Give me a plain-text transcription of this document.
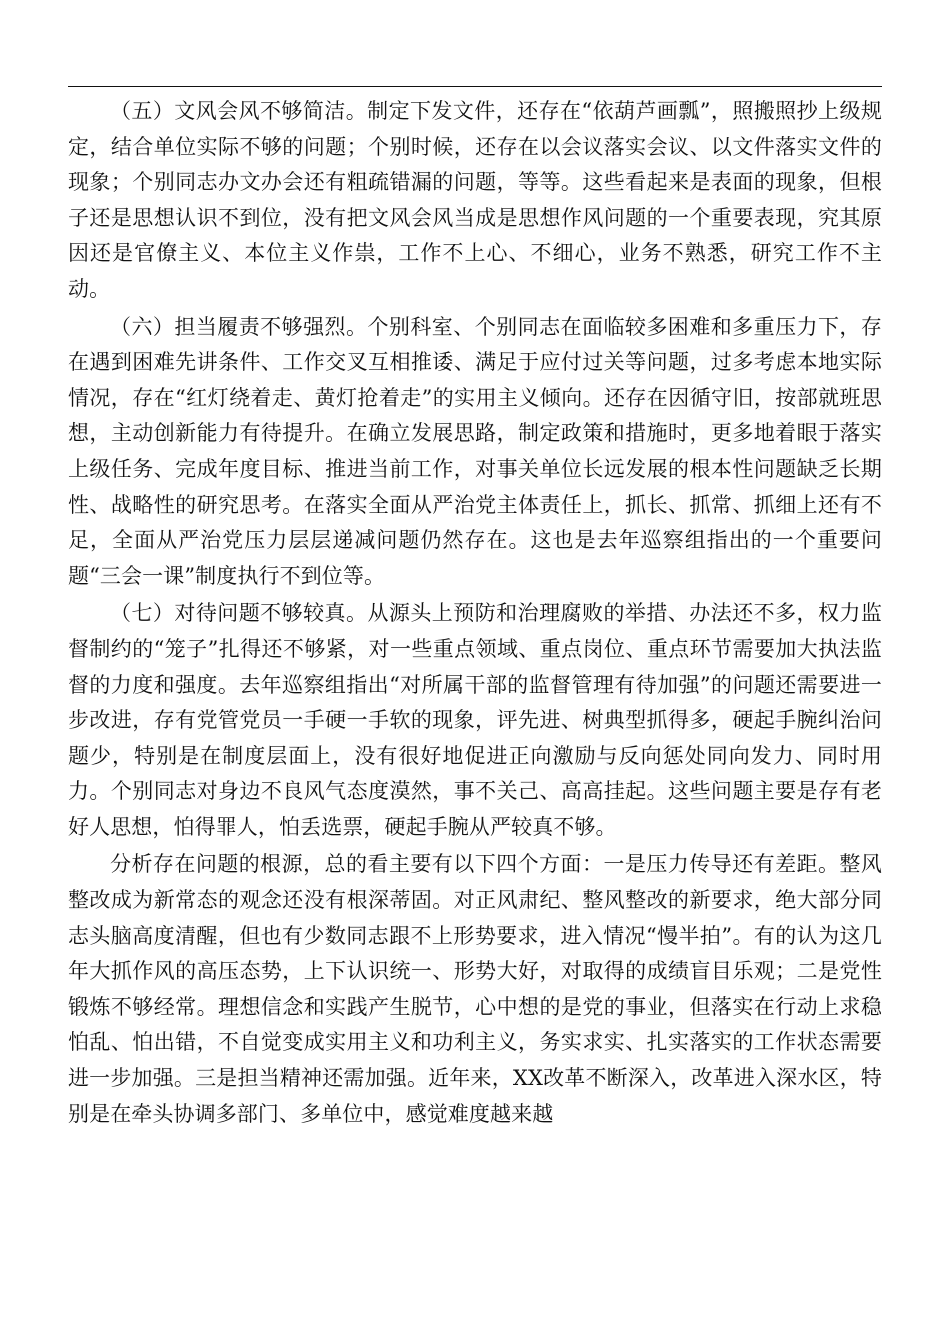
（五）文风会风不够简洁。制定下发文件，还存在“依葫芦画瓢”，照搬照抄上级规定，结合单位实际不够的问题；个别时候，还存在以会议落实会议、以文件落实文件的现象；个别同志办文办会还有粗疏错漏的问题，等等。这些看起来是表面的现象，但根子还是思想认识不到位，没有把文风会风当成是思想作风问题的一个重要表现，究其原因还是官僚主义、本位主义作祟，工作不上心、不细心，业务不熟悉，研究工作不主动。

（六）担当履责不够强烈。个别科室、个别同志在面临较多困难和多重压力下，存在遇到困难先讲条件、工作交叉互相推诿、满足于应付过关等问题，过多考虑本地实际情况，存在“红灯绕着走、黄灯抢着走”的实用主义倾向。还存在因循守旧，按部就班思想，主动创新能力有待提升。在确立发展思路，制定政策和措施时，更多地着眼于落实上级任务、完成年度目标、推进当前工作，对事关单位长远发展的根本性问题缺乏长期性、战略性的研究思考。在落实全面从严治党主体责任上，抓长、抓常、抓细上还有不足，全面从严治党压力层层递减问题仍然存在。这也是去年巡察组指出的一个重要问题“三会一课”制度执行不到位等。

（七）对待问题不够较真。从源头上预防和治理腐败的举措、办法还不多，权力监督制约的“笼子”扎得还不够紧，对一些重点领域、重点岗位、重点环节需要加大执法监督的力度和强度。去年巡察组指出“对所属干部的监督管理有待加强”的问题还需要进一步改进，存有党管党员一手硬一手软的现象，评先进、树典型抓得多，硬起手腕纠治问题少，特别是在制度层面上，没有很好地促进正向激励与反向惩处同向发力、同时用力。个别同志对身边不良风气态度漠然，事不关己、高高挂起。这些问题主要是存有老好人思想，怕得罪人，怕丢选票，硬起手腕从严较真不够。

分析存在问题的根源，总的看主要有以下四个方面：一是压力传导还有差距。整风整改成为新常态的观念还没有根深蒂固。对正风肃纪、整风整改的新要求，绝大部分同志头脑高度清醒，但也有少数同志跟不上形势要求，进入情况“慢半拍”。有的认为这几年大抓作风的高压态势，上下认识统一、形势大好，对取得的成绩盲目乐观；二是党性锻炼不够经常。理想信念和实践产生脱节，心中想的是党的事业，但落实在行动上求稳怕乱、怕出错，不自觉变成实用主义和功利主义，务实求实、扎实落实的工作状态需要进一步加强。三是担当精神还需加强。近年来，XX改革不断深入，改革进入深水区，特别是在牵头协调多部门、多单位中，感觉难度越来越
